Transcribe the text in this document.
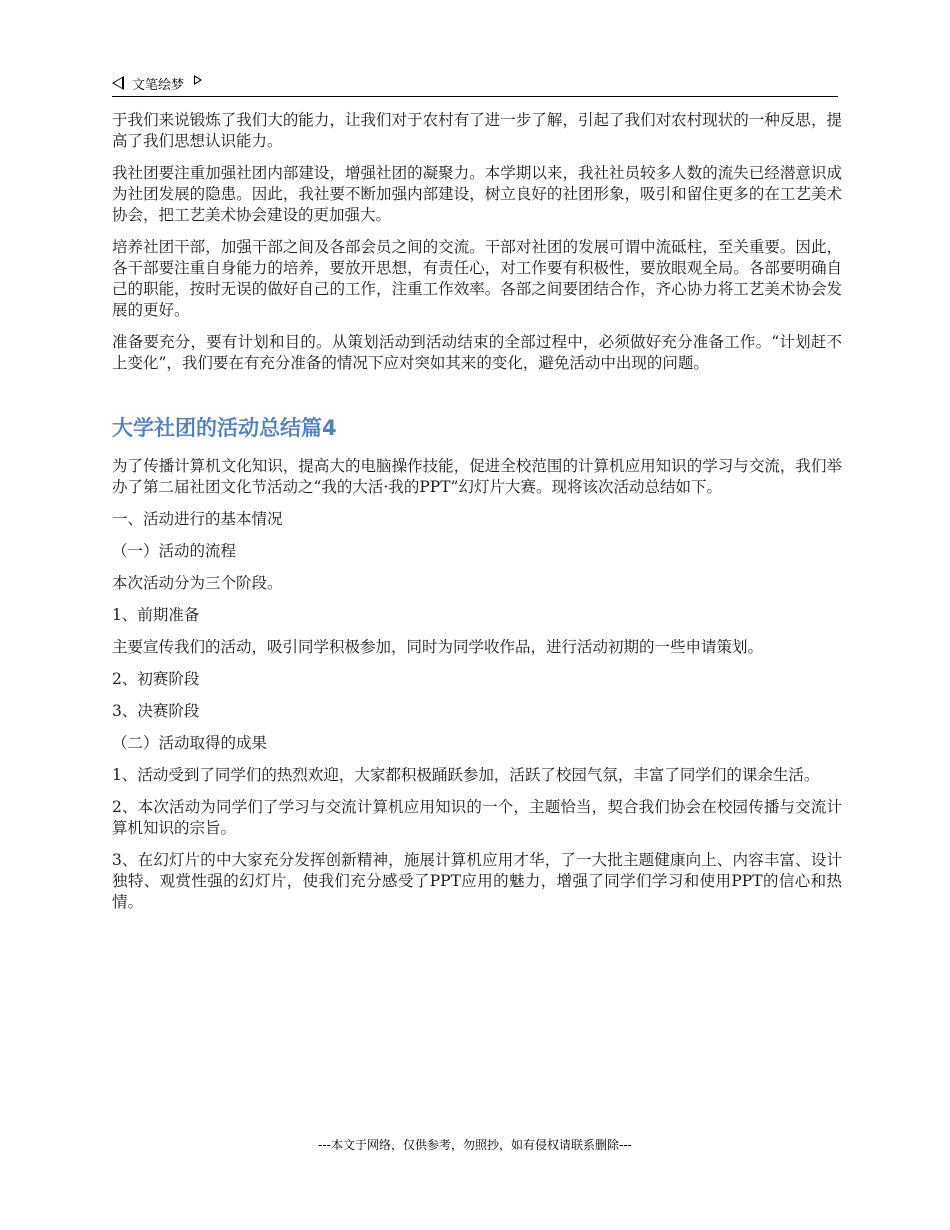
文笔绘梦

于我们来说锻炼了我们大的能力，让我们对于农村有了进一步了解，引起了我们对农村现状的一种反思，提高了我们思想认识能力。

我社团要注重加强社团内部建设，增强社团的凝聚力。本学期以来，我社社员较多人数的流失已经潜意识成为社团发展的隐患。因此，我社要不断加强内部建设，树立良好的社团形象，吸引和留住更多的在工艺美术协会，把工艺美术协会建设的更加强大。

培养社团干部，加强干部之间及各部会员之间的交流。干部对社团的发展可谓中流砥柱，至关重要。因此，各干部要注重自身能力的培养，要放开思想，有责任心，对工作要有积极性，要放眼观全局。各部要明确自己的职能，按时无误的做好自己的工作，注重工作效率。各部之间要团结合作，齐心协力将工艺美术协会发展的更好。

准备要充分，要有计划和目的。从策划活动到活动结束的全部过程中，必须做好充分准备工作。“计划赶不上变化”，我们要在有充分准备的情况下应对突如其来的变化，避免活动中出现的问题。

大学社团的活动总结篇4

为了传播计算机文化知识，提高大的电脑操作技能，促进全校范围的计算机应用知识的学习与交流，我们举办了第二届社团文化节活动之“我的大活·我的PPT”幻灯片大赛。现将该次活动总结如下。

一、活动进行的基本情况

（一）活动的流程

本次活动分为三个阶段。

1、前期准备

主要宣传我们的活动，吸引同学积极参加，同时为同学收作品，进行活动初期的一些申请策划。

2、初赛阶段

3、决赛阶段

（二）活动取得的成果

1、活动受到了同学们的热烈欢迎，大家都积极踊跃参加，活跃了校园气氛，丰富了同学们的课余生活。

2、本次活动为同学们了学习与交流计算机应用知识的一个，主题恰当，契合我们协会在校园传播与交流计算机知识的宗旨。

3、在幻灯片的中大家充分发挥创新精神，施展计算机应用才华，了一大批主题健康向上、内容丰富、设计独特、观赏性强的幻灯片，使我们充分感受了PPT应用的魅力，增强了同学们学习和使用PPT的信心和热情。

---本文于网络，仅供参考，勿照抄，如有侵权请联系删除---
